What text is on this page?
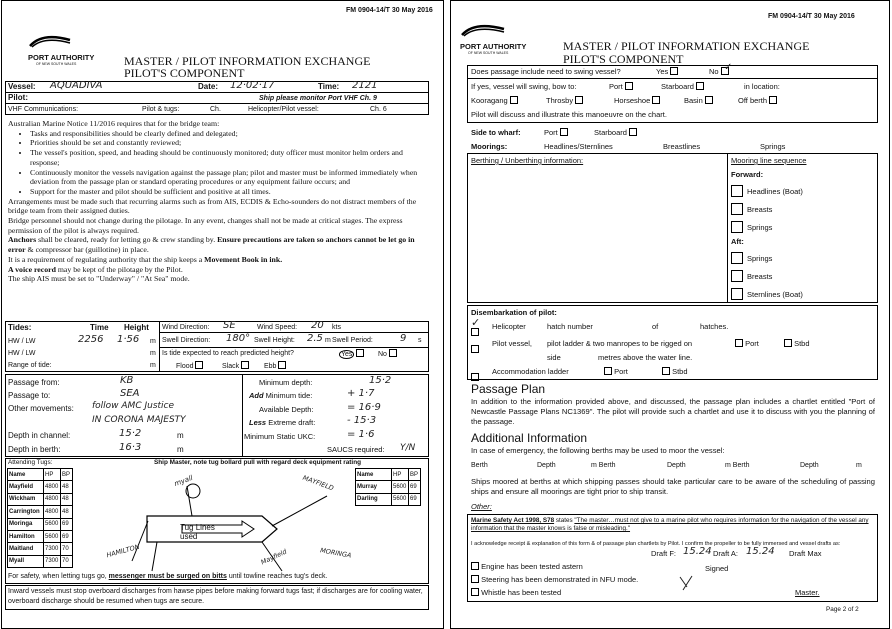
FM 0904-14/T 30 May 2016
PORT AUTHORITY
OF NEW SOUTH WALES	MASTER / PILOT INFORMATION EXCHANGE
PILOT'S COMPONENT
Vessel: AQUADIVA	Date: 12·02·17	Time: 2121
Pilot:	Ship please monitor Port VHF Ch. 9
VHF Communications:	Pilot & tugs:	Ch.	Helicopter/Pilot vessel:	Ch. 6
Australian Marine Notice 11/2016 requires that for the bridge team:
• Tasks and responsibilities should be clearly defined and delegated;
• Priorities should be set and constantly reviewed;
• The vessel's position, speed, and heading should be continuously monitored; duty officer must monitor helm orders and response;
• Continuously monitor the vessels navigation against the passage plan; pilot and master must be informed immediately when deviation from the passage plan or standard operating procedures or any equipment failure occurs; and
• Support for the master and pilot should be sufficient and positive at all times.
Arrangements must be made such that recurring alarms such as from AIS, ECDIS & Echo-sounders do not distract members of the bridge team from their assigned duties.
Bridge personnel should not change during the pilotage. In any event, changes shall not be made at critical stages. The express permission of the pilot is always required.
Anchors shall be cleared, ready for letting go & crew standing by. Ensure precautions are taken so anchors cannot be let go in error & compressor bar (guillotine) in place.
It is a requirement of regulating authority that the ship keeps a Movement Book in ink.
A voice record may be kept of the pilotage by the Pilot.
The ship AIS must be set to "Underway" / "At Sea" mode.
Tides:	Time Height
HW / LW	2256 1·56 m
HW / LW	m
Range of tide:	m
Wind Direction: SE	Wind Speed: 20 kts
Swell Direction: 180° Swell Height: 2.5 m Swell Period:	9 s
Is tide expected to reach predicted height?	Yes	No
Flood	Slack	Ebb
Passage from:	KB
Passage to:	SEA
Other movements: follow AMC Justice
IN CORONA MAJESTY
Depth in channel:	15·2	m
Depth in berth:	16·3	m
Minimum depth:	15·2
Add Minimum tide:	+ 1·7
Available Depth:	= 16·9
Less Extreme draft:	- 15·3
Minimum Static UKC:	= 1·6
SAUCS required: Y/N
Attending Tugs:	Ship Master, note tug bollard pull with regard deck equipment rating
Name	HP	BP
Mayfield	4800	48
Wickham	4800	48
Carrington	4800	48
Moringa	5600	69
Hamilton	5600	69
Maitland	7300	70
Myall	7300	70
Name	HP	BP
Murray	5600	69
Darling	5600	69
Tug Lines used
myall
HAMILTON
MAYFIELD
Mayfield	MORINGA
For safety, when letting tugs go, messenger must be surged on bitts until towline reaches tug's deck.
Inward vessels must stop overboard discharges from hawse pipes before making forward tugs fast; if discharges are for cooling water, overboard discharge should be resumed when tugs are secure.
FM 0904-14/T 30 May 2016
PORT AUTHORITY
OF NEW SOUTH WALES	MASTER / PILOT INFORMATION EXCHANGE
PILOT'S COMPONENT
Does passage include need to swing vessel?	Yes	No ✓
If yes, vessel will swing, bow to:	Port	Starboard	in location:
Kooragang	Throsby	Horseshoe	Basin	Off berth
Pilot will discuss and illustrate this manoeuvre on the chart.
Side to wharf:	Port	Starboard
Moorings:	Headlines/Sternlines	Breastlines	Springs
Berthing / Unberthing information:	Mooring line sequence
Forward:
Headlines (Boat)
Breasts
Springs
Aft:
Springs
Breasts
Sternlines (Boat)
Disembarkation of pilot:
✓ Helicopter	hatch number	of	hatches.
Pilot vessel, pilot ladder & two manropes to be rigged on	Port	Stbd
side	metres above the water line.
Accommodation ladder	Port	Stbd
Passage Plan
In addition to the information provided above, and discussed, the passage plan includes a chartlet entitled "Port of Newcastle Passage Plans NC1369". The pilot will provide such a chartlet and use it to discuss with you the planning of the passage.
Additional Information
In case of emergency, the following berths may be used to moor the vessel:
Berth	Depth	m Berth	Depth	m Berth	Depth	m
Ships moored at berths at which shipping passes should take particular care to be aware of the scheduling of passing ships and ensure all moorings are tight prior to ship transit.
Other:
Marine Safety Act 1998, S78 states "The master…must not give to a marine pilot who requires information for the navigation of the vessel any information that the master knows is false or misleading."
I acknowledge receipt & explanation of this form & of passage plan chartlets by Pilot. I confirm the propeller to be fully immersed and vessel drafts as:
Draft F: 15.24 Draft A: 15.24 Draft Max
Engine has been tested astern	Signed
Steering has been demonstrated in NFU mode.
Whistle has been tested	Master.
Page 2 of 2
